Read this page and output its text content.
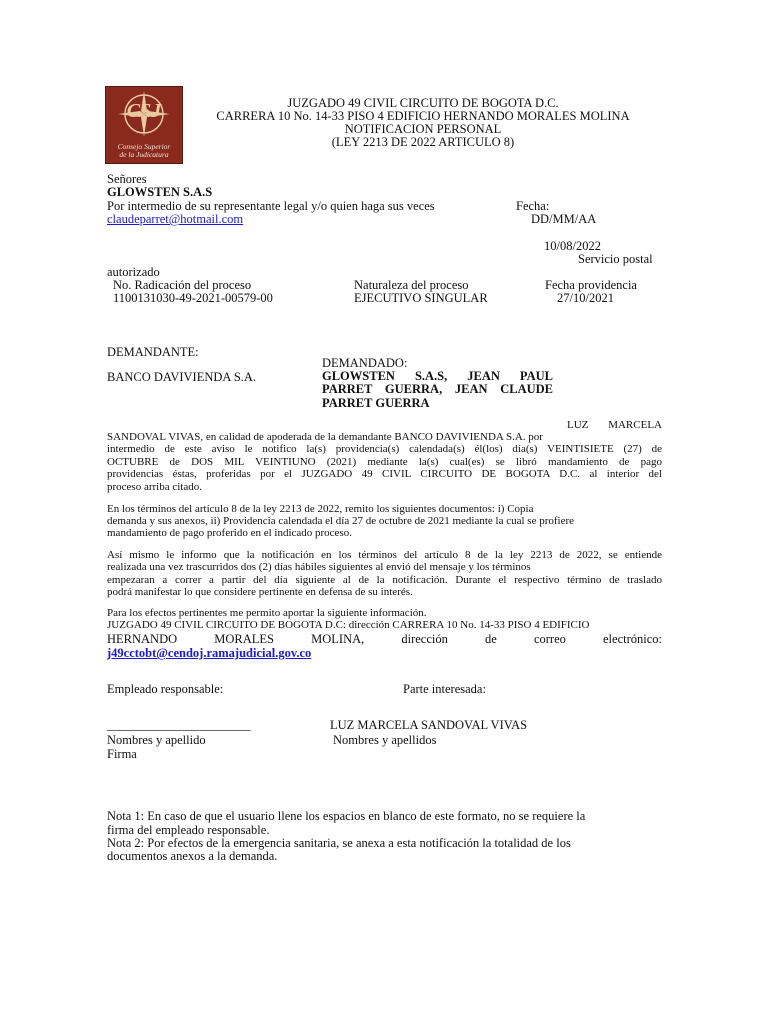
CSJ
Consejo Superior
de la Judicatura
JUZGADO 49 CIVIL CIRCUITO DE BOGOTA D.C.
CARRERA 10 No. 14-33 PISO 4 EDIFICIO HERNANDO MORALES MOLINA
NOTIFICACION PERSONAL
(LEY 2213 DE 2022 ARTICULO 8)
Señores
GLOWSTEN S.A.S
Por intermedio de su representante legal y/o quien haga sus veces	Fecha:
claudeparret@hotmail.com	DD/MM/AA
10/08/2022
Servicio postal
autorizado
No. Radicación del proceso	Naturaleza del proceso	Fecha providencia
1100131030-49-2021-00579-00	EJECUTIVO SINGULAR	27/10/2021
DEMANDANTE:
DEMANDADO:
BANCO DAVIVIENDA S.A.	GLOWSTEN S.A.S, JEAN PAUL
PARRET GUERRA, JEAN CLAUDE
PARRET GUERRA
LUZ MARCELA
SANDOVAL VIVAS, en calidad de apoderada de la demandante BANCO DAVIVIENDA S.A. por
intermedio de este aviso le notifico la(s) providencia(s) calendada(s) él(los) día(s) VEINTISIETE (27) de
OCTUBRE de DOS MIL VEINTIUNO (2021) mediante la(s) cual(es) se libró mandamiento de pago
providencias éstas, proferidas por el JUZGADO 49 CIVIL CIRCUITO DE BOGOTA D.C. al interior del
proceso arriba citado.
En los términos del artículo 8 de la ley 2213 de 2022, remito los siguientes documentos: i) Copia
demanda y sus anexos, ii) Providencia calendada el día 27 de octubre de 2021 mediante la cual se profiere
mandamiento de pago proferido en el indicado proceso.
Así mismo le informo que la notificación en los términos del artículo 8 de la ley 2213 de 2022, se entiende
realizada una vez trascurridos dos (2) días hábiles siguientes al envió del mensaje y los términos
empezaran a correr a partir del día siguiente al de la notificación. Durante el respectivo término de traslado
podrá manifestar lo que considere pertinente en defensa de su interés.
Para los efectos pertinentes me permito aportar la siguiente información.
JUZGADO 49 CIVIL CIRCUITO DE BOGOTA D.C: dirección CARRERA 10 No. 14-33 PISO 4 EDIFICIO
HERNANDO	MORALES	MOLINA,	dirección	de	correo	electrónico:
j49cctobt@cendoj.ramajudicial.gov.co
Empleado responsable:	Parte interesada:
_______________________	LUZ MARCELA SANDOVAL VIVAS
Nombres y apellido	Nombres y apellidos
Firma
Nota 1: En caso de que el usuario llene los espacios en blanco de este formato, no se requiere la
firma del empleado responsable.
Nota 2: Por efectos de la emergencia sanitaria, se anexa a esta notificación la totalidad de los
documentos anexos a la demanda.
